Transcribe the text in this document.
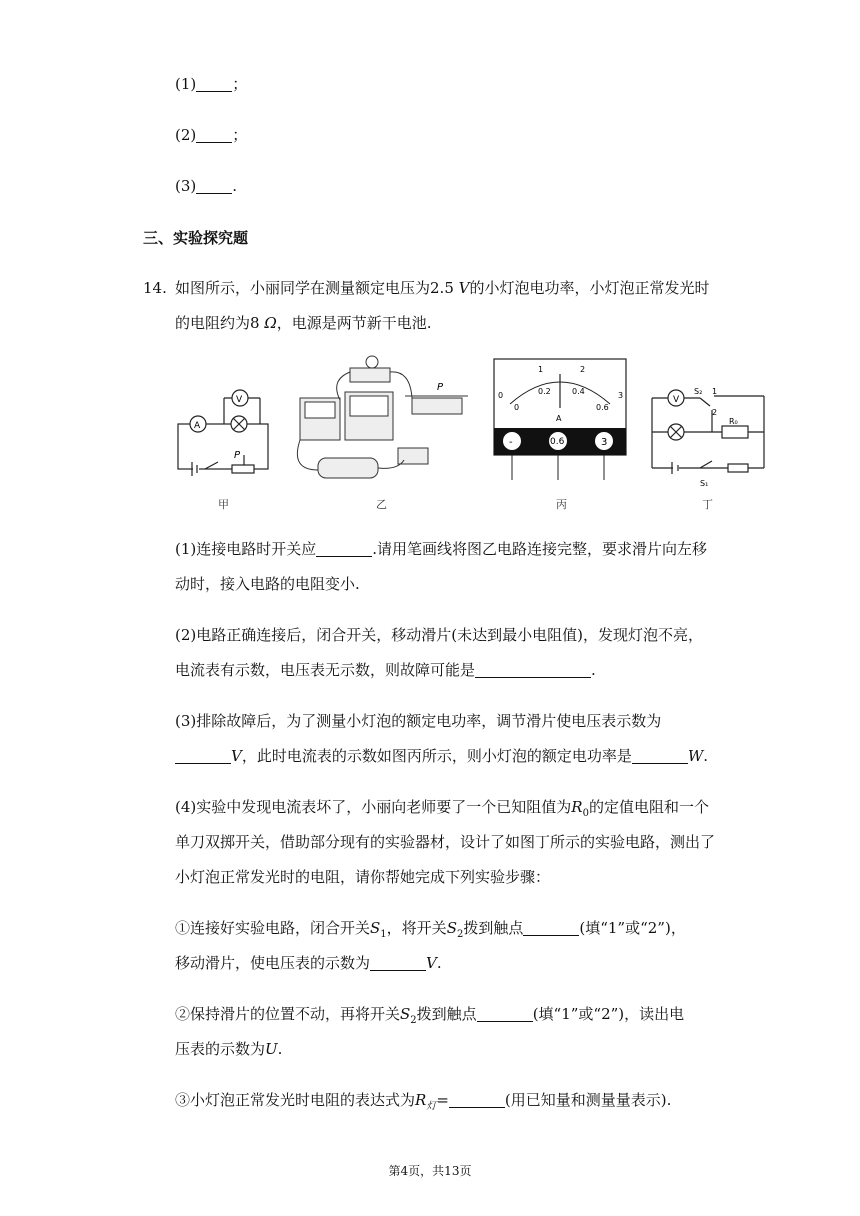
(1) ；
(2) ；
(3) .
三、实验探究题
14. 如图所示，小丽同学在测量额定电压为2.5 V的小灯泡电功率，小灯泡正常发光时
的电阻约为8 Ω，电源是两节新干电池.
A
V
P
P
0
1	2
3
0
0.2	0.4
0.6
A
-	0.6	3
V
S₂ 1
2
R₀
S₁
甲	乙	丙	丁
(1)连接电路时开关应	.请用笔画线将图乙电路连接完整，要求滑片向左移
动时，接入电路的电阻变小.
(2)电路正确连接后，闭合开关，移动滑片(未达到最小电阻值)，发现灯泡不亮，
电流表有示数，电压表无示数，则故障可能是	.
(3)排除故障后，为了测量小灯泡的额定电功率，调节滑片使电压表示数为
V，此时电流表的示数如图丙所示，则小灯泡的额定电功率是	W.
(4)实验中发现电流表坏了，小丽向老师要了一个已知阻值为$R_0$的定值电阻和一个
单刀双掷开关，借助部分现有的实验器材，设计了如图丁所示的实验电路，测出了
小灯泡正常发光时的电阻，请你帮她完成下列实验步骤：
①连接好实验电路，闭合开关$S_1$，将开关$S_2$拨到触点	(填“1”或“2”)，
移动滑片，使电压表的示数为	V.
②保持滑片的位置不动，再将开关$S_2$拨到触点	(填“1”或“2”)，读出电
压表的示数为U.
③小灯泡正常发光时电阻的表达式为$R_灯=$	(用已知量和测量量表示).
第4页，共13页
